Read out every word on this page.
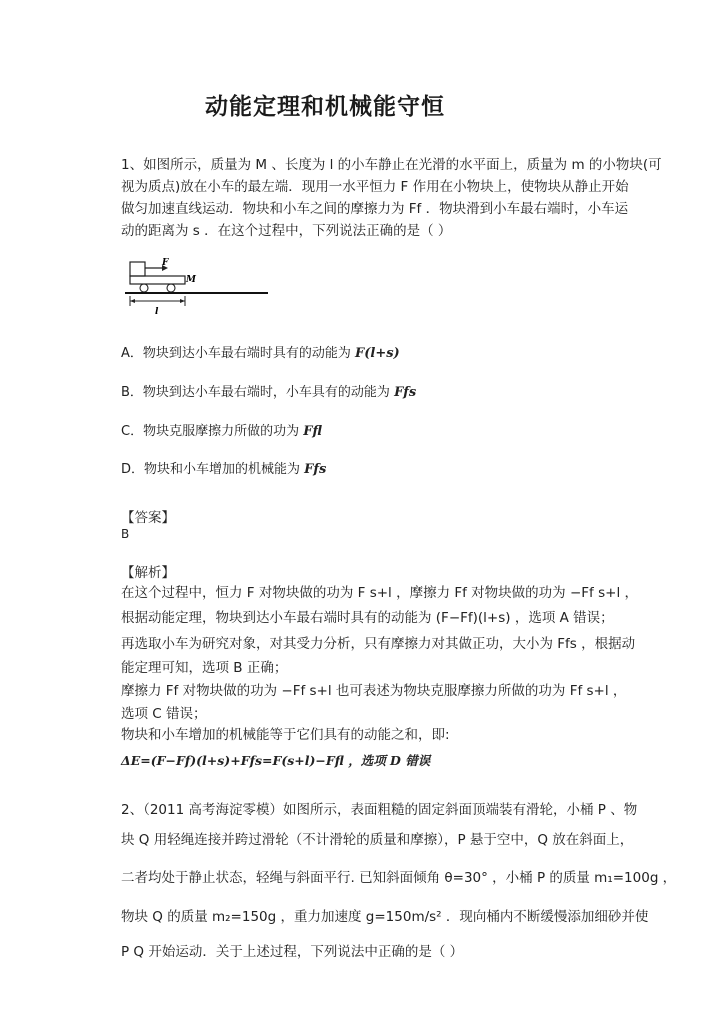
动能定理和机械能守恒
1、如图所示，质量为 M 、长度为 l 的小车静止在光滑的水平面上，质量为 m 的小物块(可
视为质点)放在小车的最左端．现用一水平恒力 F 作用在小物块上，使物块从静止开始
做匀加速直线运动．物块和小车之间的摩擦力为 Ff ．物块滑到小车最右端时，小车运
动的距离为 s ．在这个过程中，下列说法正确的是（ ）
F
M
l
A．物块到达小车最右端时具有的动能为 F(l+s)
B．物块到达小车最右端时，小车具有的动能为 Ffs
C．物块克服摩擦力所做的功为 Ffl
D．物块和小车增加的机械能为 Ffs
【答案】
B
【解析】
在这个过程中，恒力 F 对物块做的功为 F s+l ，摩擦力 Ff 对物块做的功为 −Ff s+l ，
根据动能定理，物块到达小车最右端时具有的动能为 (F−Ff)(l+s) ，选项 A 错误；
再选取小车为研究对象，对其受力分析，只有摩擦力对其做正功，大小为 Ffs ，根据动
能定理可知，选项 B 正确；
摩擦力 Ff 对物块做的功为 −Ff s+l 也可表述为物块克服摩擦力所做的功为 Ff s+l ，
选项 C 错误；
物块和小车增加的机械能等于它们具有的动能之和，即:
ΔE=(F−Ff)(l+s)+Ffs=F(s+l)−Ffl ，选项 D 错误
2、（2011 高考海淀零模）如图所示，表面粗糙的固定斜面顶端装有滑轮，小桶 P 、物
块 Q 用轻绳连接并跨过滑轮（不计滑轮的质量和摩擦），P 悬于空中，Q 放在斜面上，
二者均处于静止状态，轻绳与斜面平行. 已知斜面倾角 θ=30° ，小桶 P 的质量 m₁=100g ，
物块 Q 的质量 m₂=150g ，重力加速度 g=150m/s² ．现向桶内不断缓慢添加细砂并使
P Q 开始运动．关于上述过程，下列说法中正确的是（ ）
